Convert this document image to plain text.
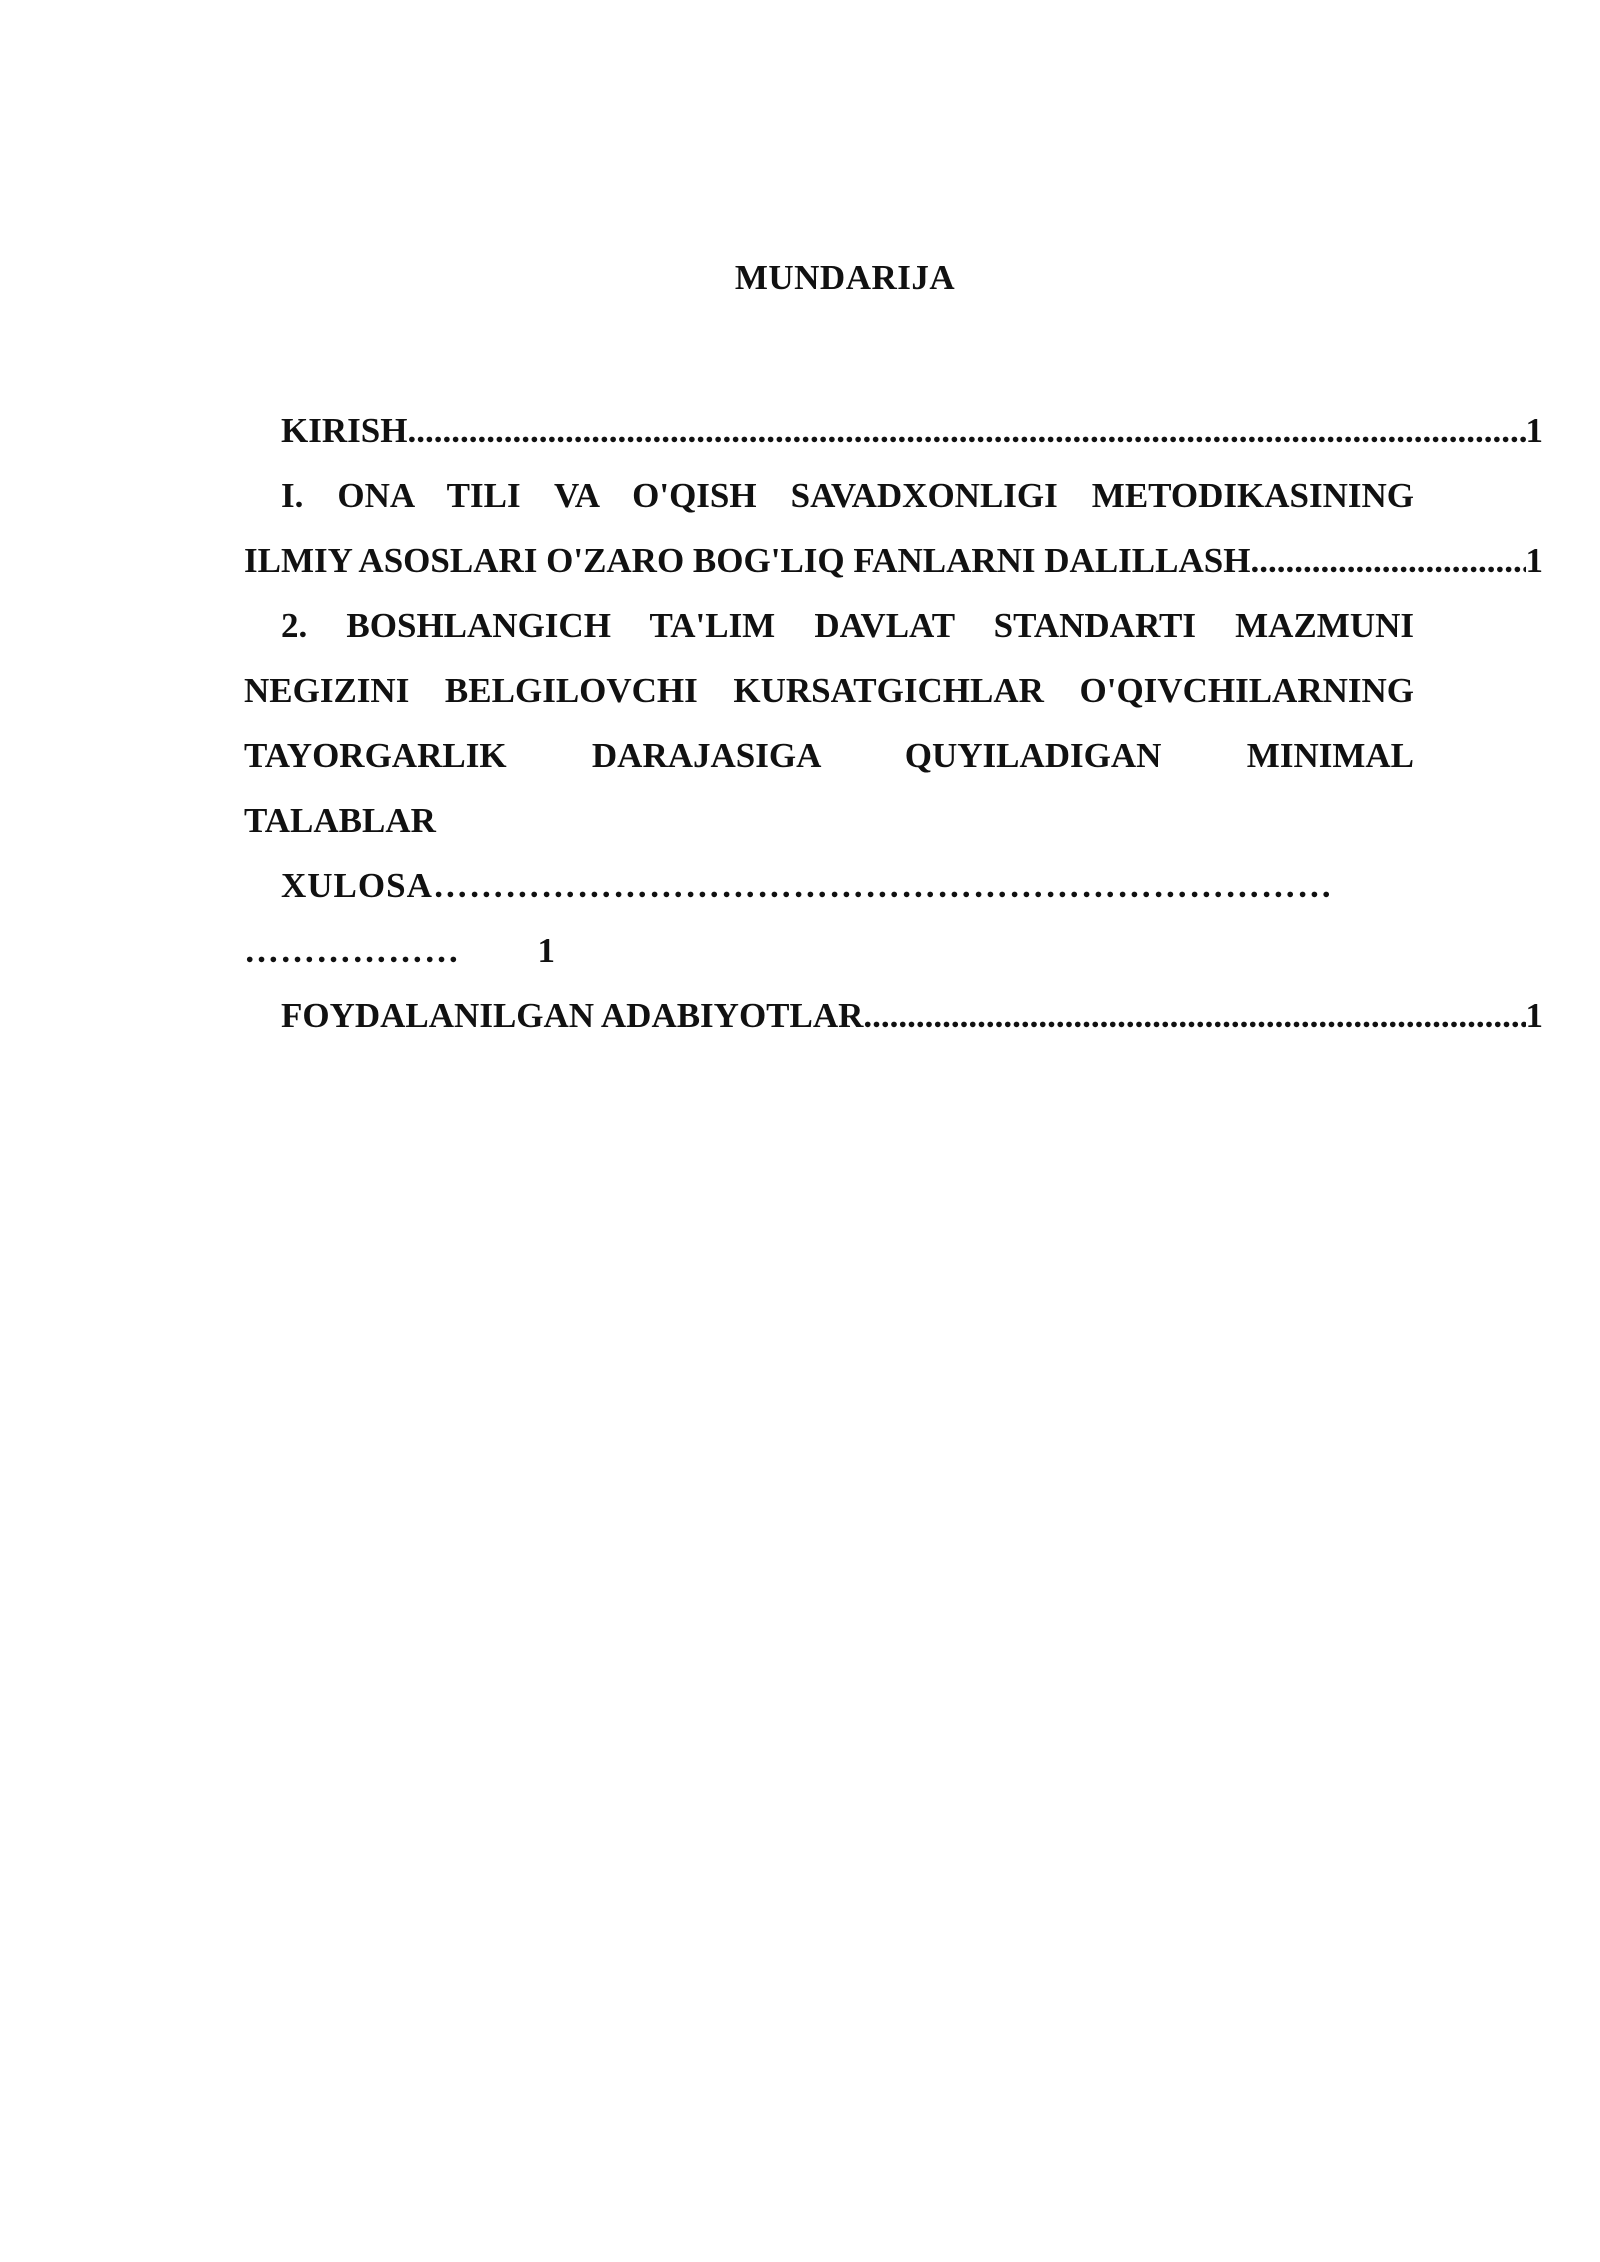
MUNDARIJA
KIRISH .....	1
I. ONA TILI VA O'QISH SAVADXONLIGI METODIKASINING
ILMIY ASOSLARI O'ZARO BOG'LIQ FANLARNI DALILLASH .....	1
2. BOSHLANGICH TA'LIM DAVLAT STANDARTI MAZMUNI
NEGIZINI BELGILOVCHI KURSATGICHLAR O'QIVCHILARNING
TAYORGARLIK DARAJASIGA QUYILADIGAN MINIMAL
TALABLAR
XULOSA…………………………………………………………………
……………… 1
FOYDALANILGAN ADABIYOTLAR .....	1
